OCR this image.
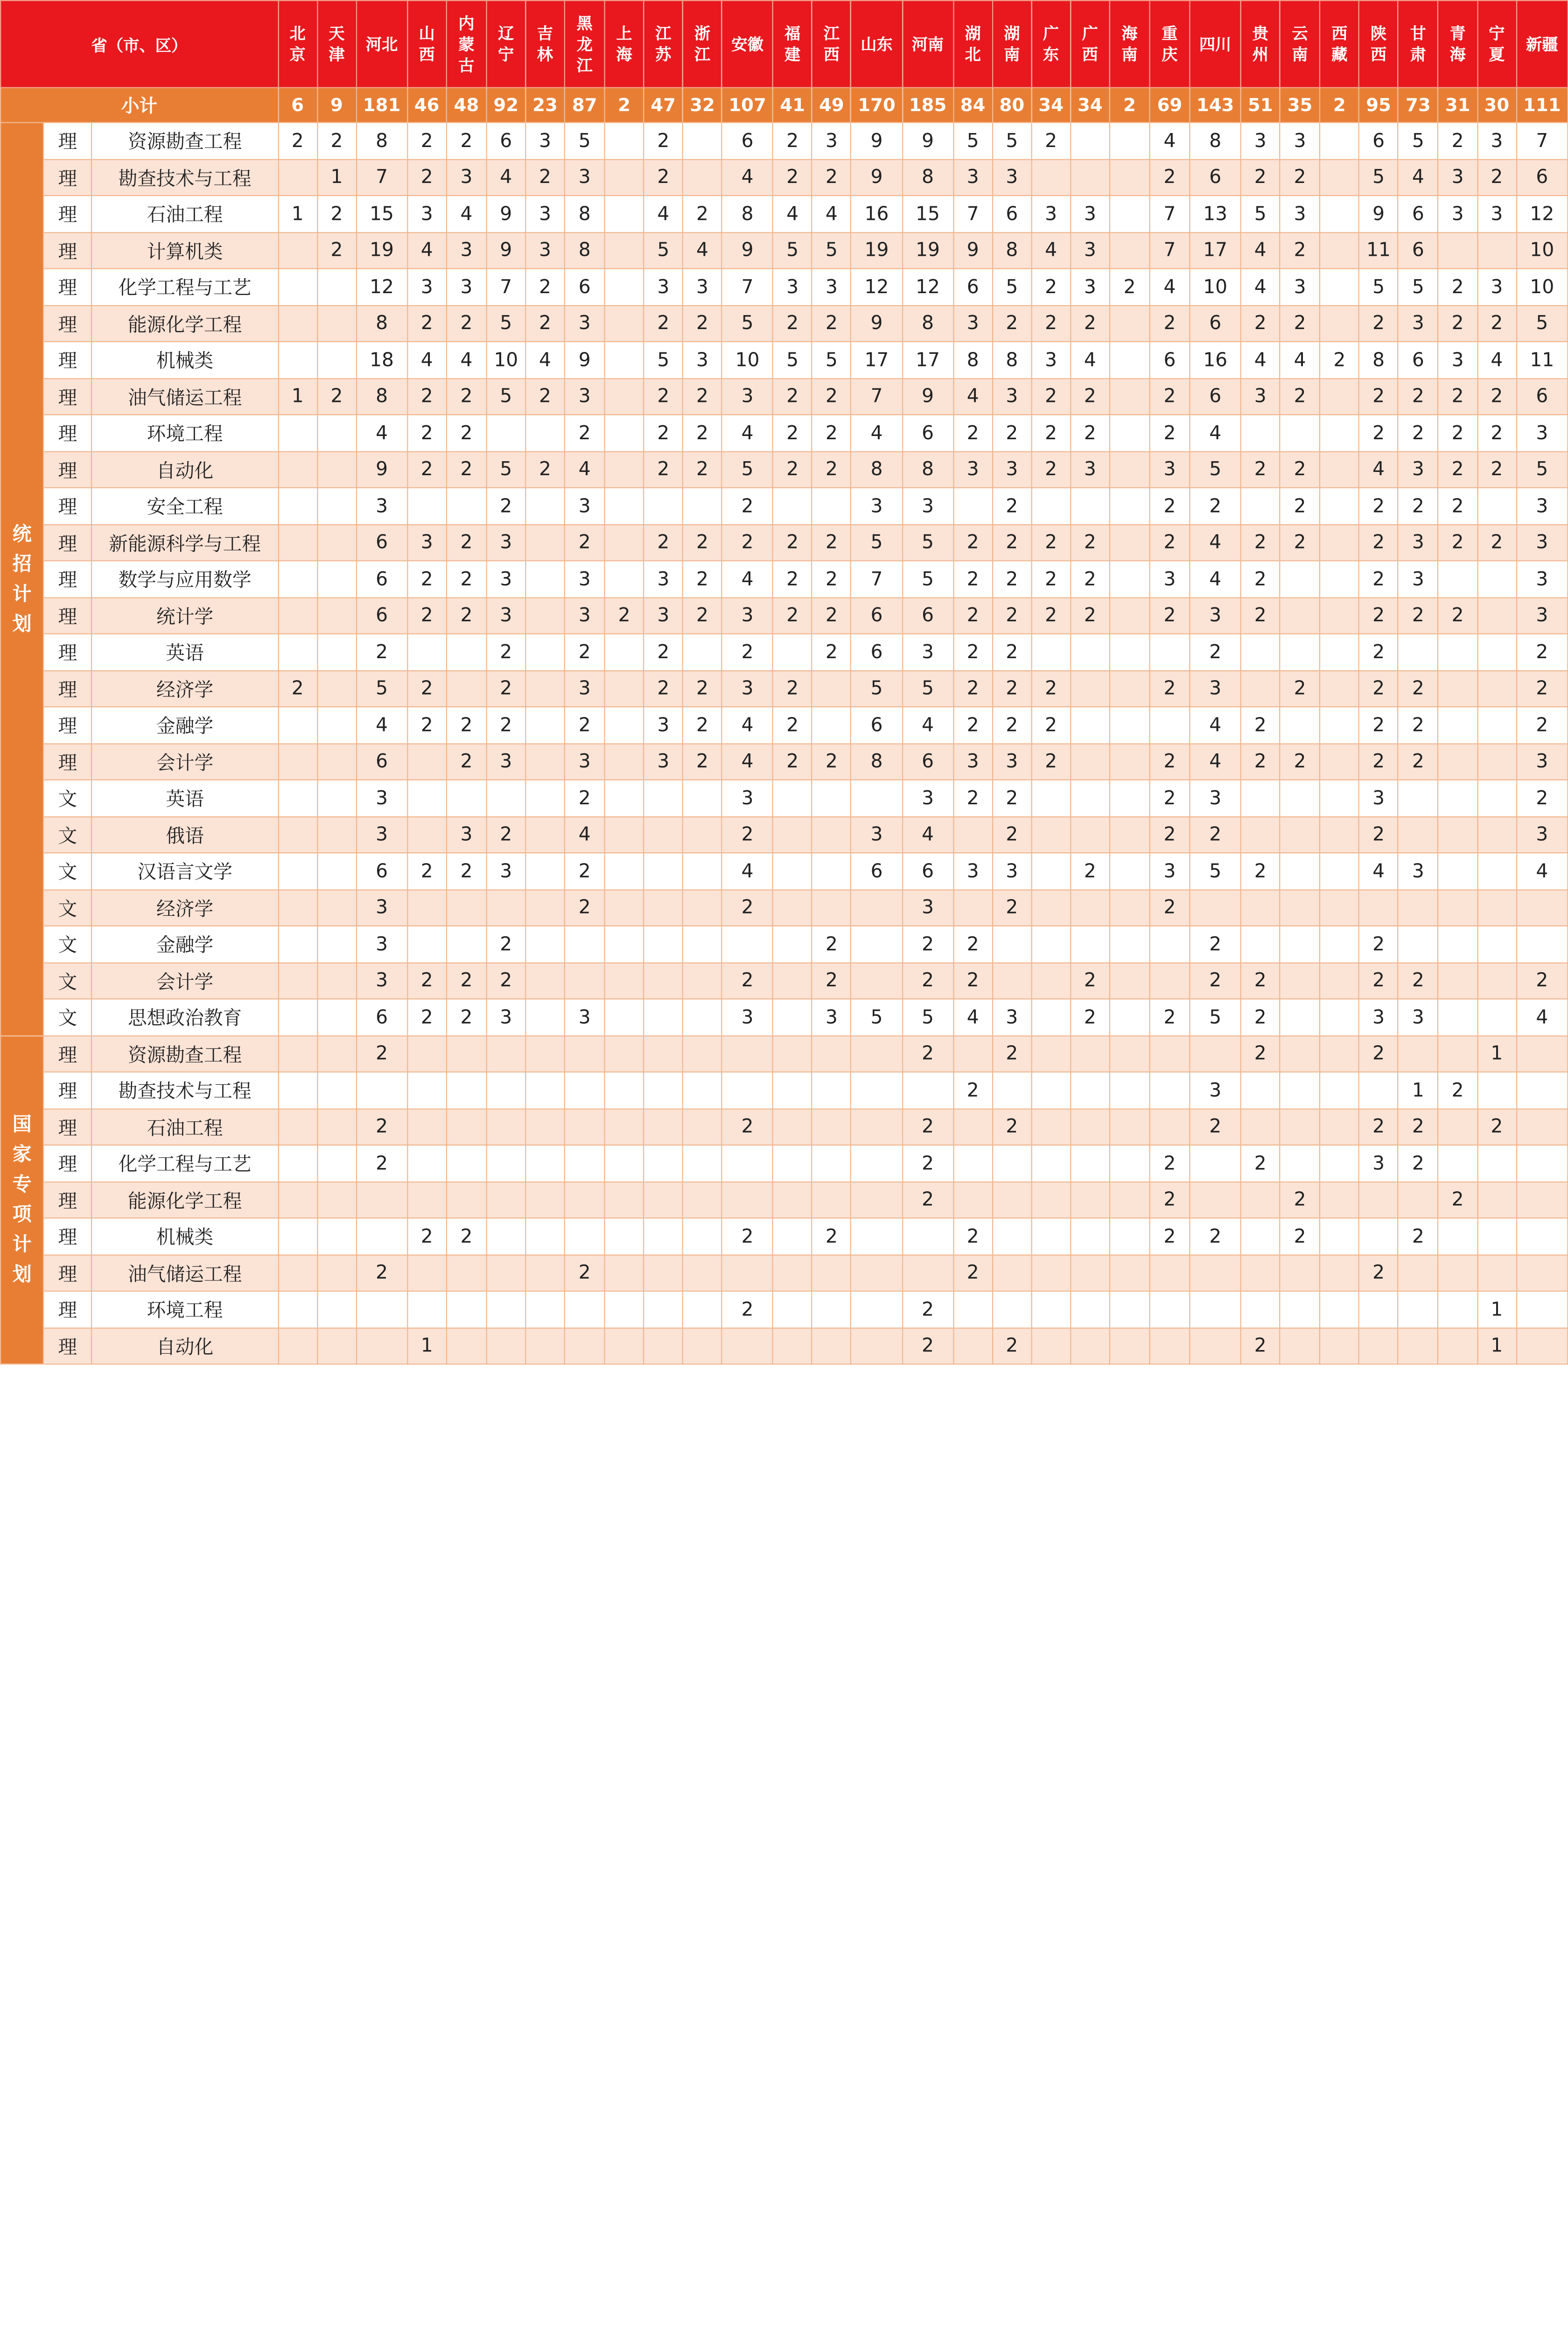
省（市、区）			北京	天津	河北	山西	内蒙古	辽宁	吉林	黑龙江	上海	江苏	浙江	安徽	福建	江西	山东	河南	湖北	湖南	广东	广西	海南	重庆	四川	贵州	云南	西藏	陕西	甘肃	青海	宁夏	新疆

小计			6	9	181	46	48	92	23	87	2	47	32	107	41	49	170	185	84	80	34	34	2	69	143	51	35	2	95	73	31	30	111
统招计划	理	资源勘查工程	2	2	8	2	2	6	3	5		2		6	2	3	9	9	5	5	2			4	8	3	3		6	5	2	3	7
	理	勘查技术与工程		1	7	2	3	4	2	3		2		4	2	2	9	8	3	3				2	6	2	2		5	4	3	2	6
	理	石油工程	1	2	15	3	4	9	3	8		4	2	8	4	4	16	15	7	6	3	3		7	13	5	3		9	6	3	3	12
	理	计算机类		2	19	4	3	9	3	8		5	4	9	5	5	19	19	9	8	4	3		7	17	4	2		11	6			10
	理	化学工程与工艺			12	3	3	7	2	6		3	3	7	3	3	12	12	6	5	2	3	2	4	10	4	3		5	5	2	3	10
	理	能源化学工程			8	2	2	5	2	3		2	2	5	2	2	9	8	3	2	2	2		2	6	2	2		2	3	2	2	5
	理	机械类			18	4	4	10	4	9		5	3	10	5	5	17	17	8	8	3	4		6	16	4	4	2	8	6	3	4	11
	理	油气储运工程	1	2	8	2	2	5	2	3		2	2	3	2	2	7	9	4	3	2	2		2	6	3	2		2	2	2	2	6
	理	环境工程			4	2	2			2		2	2	4	2	2	4	6	2	2	2	2		2	4				2	2	2	2	3
	理	自动化			9	2	2	5	2	4		2	2	5	2	2	8	8	3	3	2	3		3	5	2	2		4	3	2	2	5
	理	安全工程			3			2		3				2			3	3		2				2	2		2		2	2	2		3
	理	新能源科学与工程			6	3	2	3		2		2	2	2	2	2	5	5	2	2	2	2		2	4	2	2		2	3	2	2	3
	理	数学与应用数学			6	2	2	3		3		3	2	4	2	2	7	5	2	2	2	2		3	4	2			2	3			3
	理	统计学			6	2	2	3		3	2	3	2	3	2	2	6	6	2	2	2	2		2	3	2			2	2	2		3
	理	英语			2			2		2		2		2		2	6	3	2	2					2				2				2
	理	经济学	2		5	2		2		3		2	2	3	2		5	5	2	2	2			2	3		2		2	2			2
	理	金融学			4	2	2	2		2		3	2	4	2		6	4	2	2	2				4	2			2	2			2
	理	会计学			6		2	3		3		3	2	4	2	2	8	6	3	3	2			2	4	2	2		2	2			3
	文	英语			3					2				3				3	2	2				2	3				3				2
	文	俄语			3		3	2		4				2			3	4		2				2	2				2				3
	文	汉语言文学			6	2	2	3		2				4			6	6	3	3		2		3	5	2			4	3			4
	文	经济学			3					2				2				3		2				2									
	文	金融学			3			2								2		2	2						2				2				
	文	会计学			3	2	2	2						2		2		2	2			2			2	2			2	2			2
	文	思想政治教育			6	2	2	3		3				3		3	5	5	4	3		2		2	5	2			3	3			4
国家专项计划	理	资源勘查工程			2													2		2						2			2			1	
	理	勘查技术与工程																	2						3					1	2		
	理	石油工程			2									2				2		2					2				2	2		2	
	理	化学工程与工艺			2													2						2		2			3	2			
	理	能源化学工程																2						2			2				2		
	理	机械类				2	2							2		2			2					2	2		2			2			
	理	油气储运工程			2					2									2										2				
	理	环境工程												2				2														1	
	理	自动化				1												2		2						2						1	
